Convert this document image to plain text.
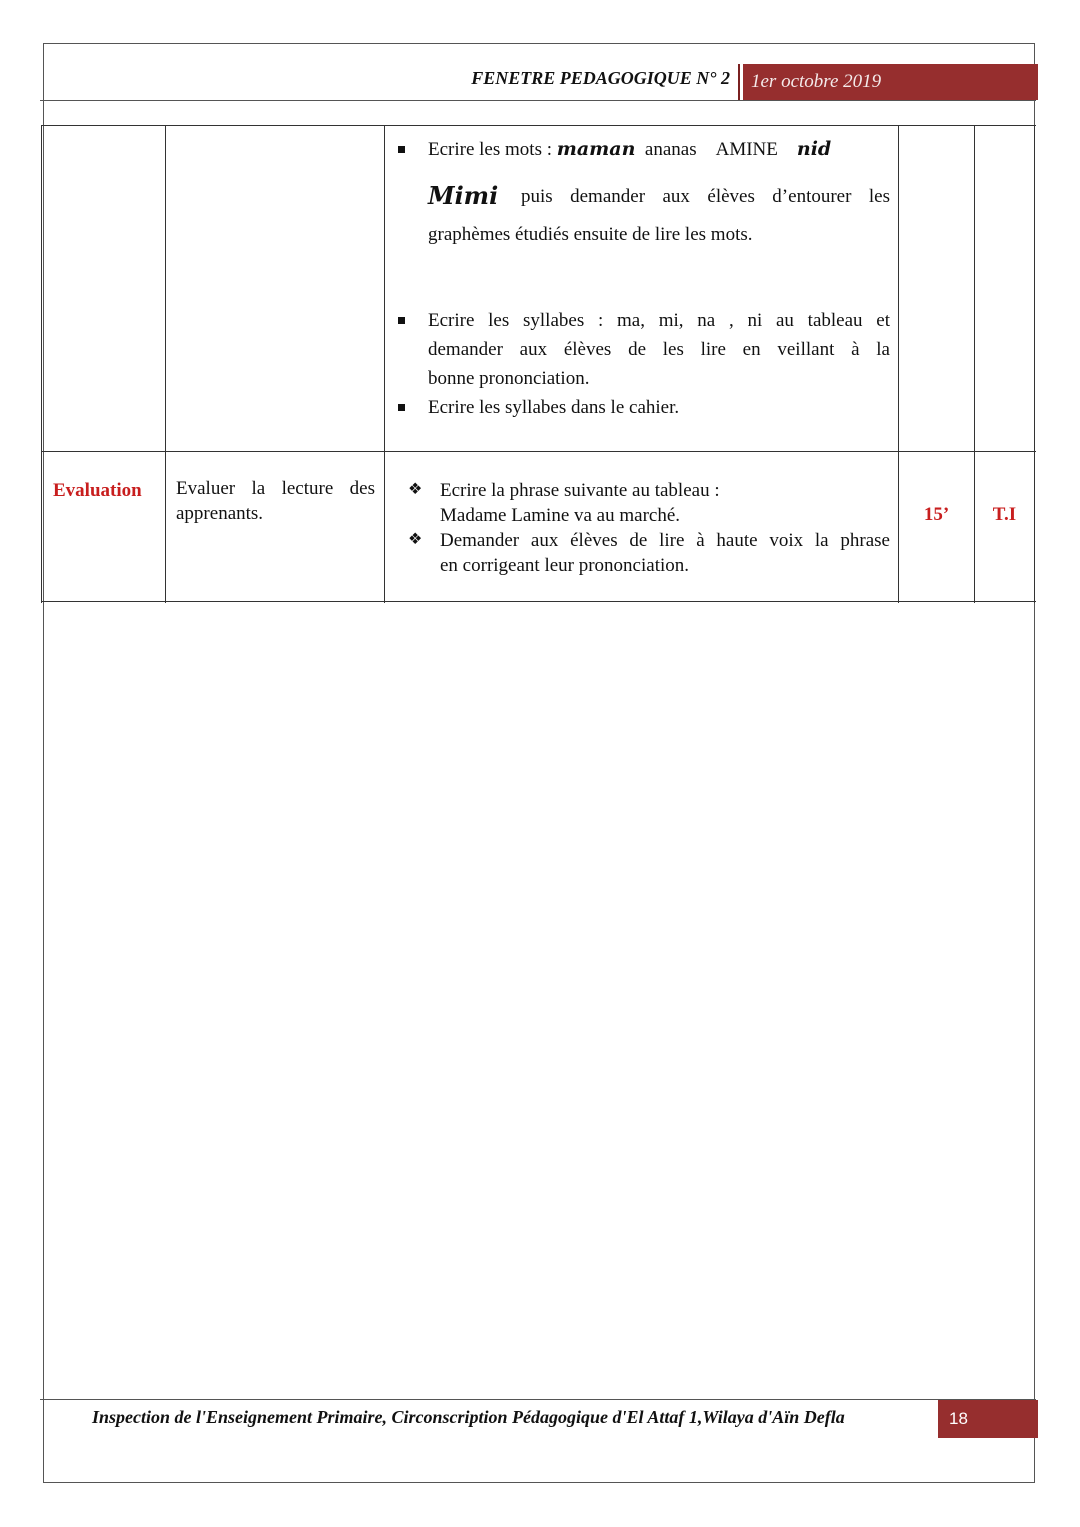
FENETRE PEDAGOGIQUE N° 2 1er octobre 2019
Ecrire les mots : maman ananas AMINE nid
Mimi puis demander aux élèves d’entourer les
graphèmes étudiés ensuite de lire les mots.
Ecrire les syllabes : ma, mi, na , ni au tableau et
demander aux élèves de les lire en veillant à la
bonne prononciation.
Ecrire les syllabes dans le cahier.
Evaluation Evaluer la lecture des
apprenants.
❖ Ecrire la phrase suivante au tableau :
Madame Lamine va au marché.
❖ Demander aux élèves de lire à haute voix la phrase
en corrigeant leur prononciation.
15’	T.I
Inspection de l'Enseignement Primaire, Circonscription Pédagogique d'El Attaf 1,Wilaya d'Aïn Defla	18
